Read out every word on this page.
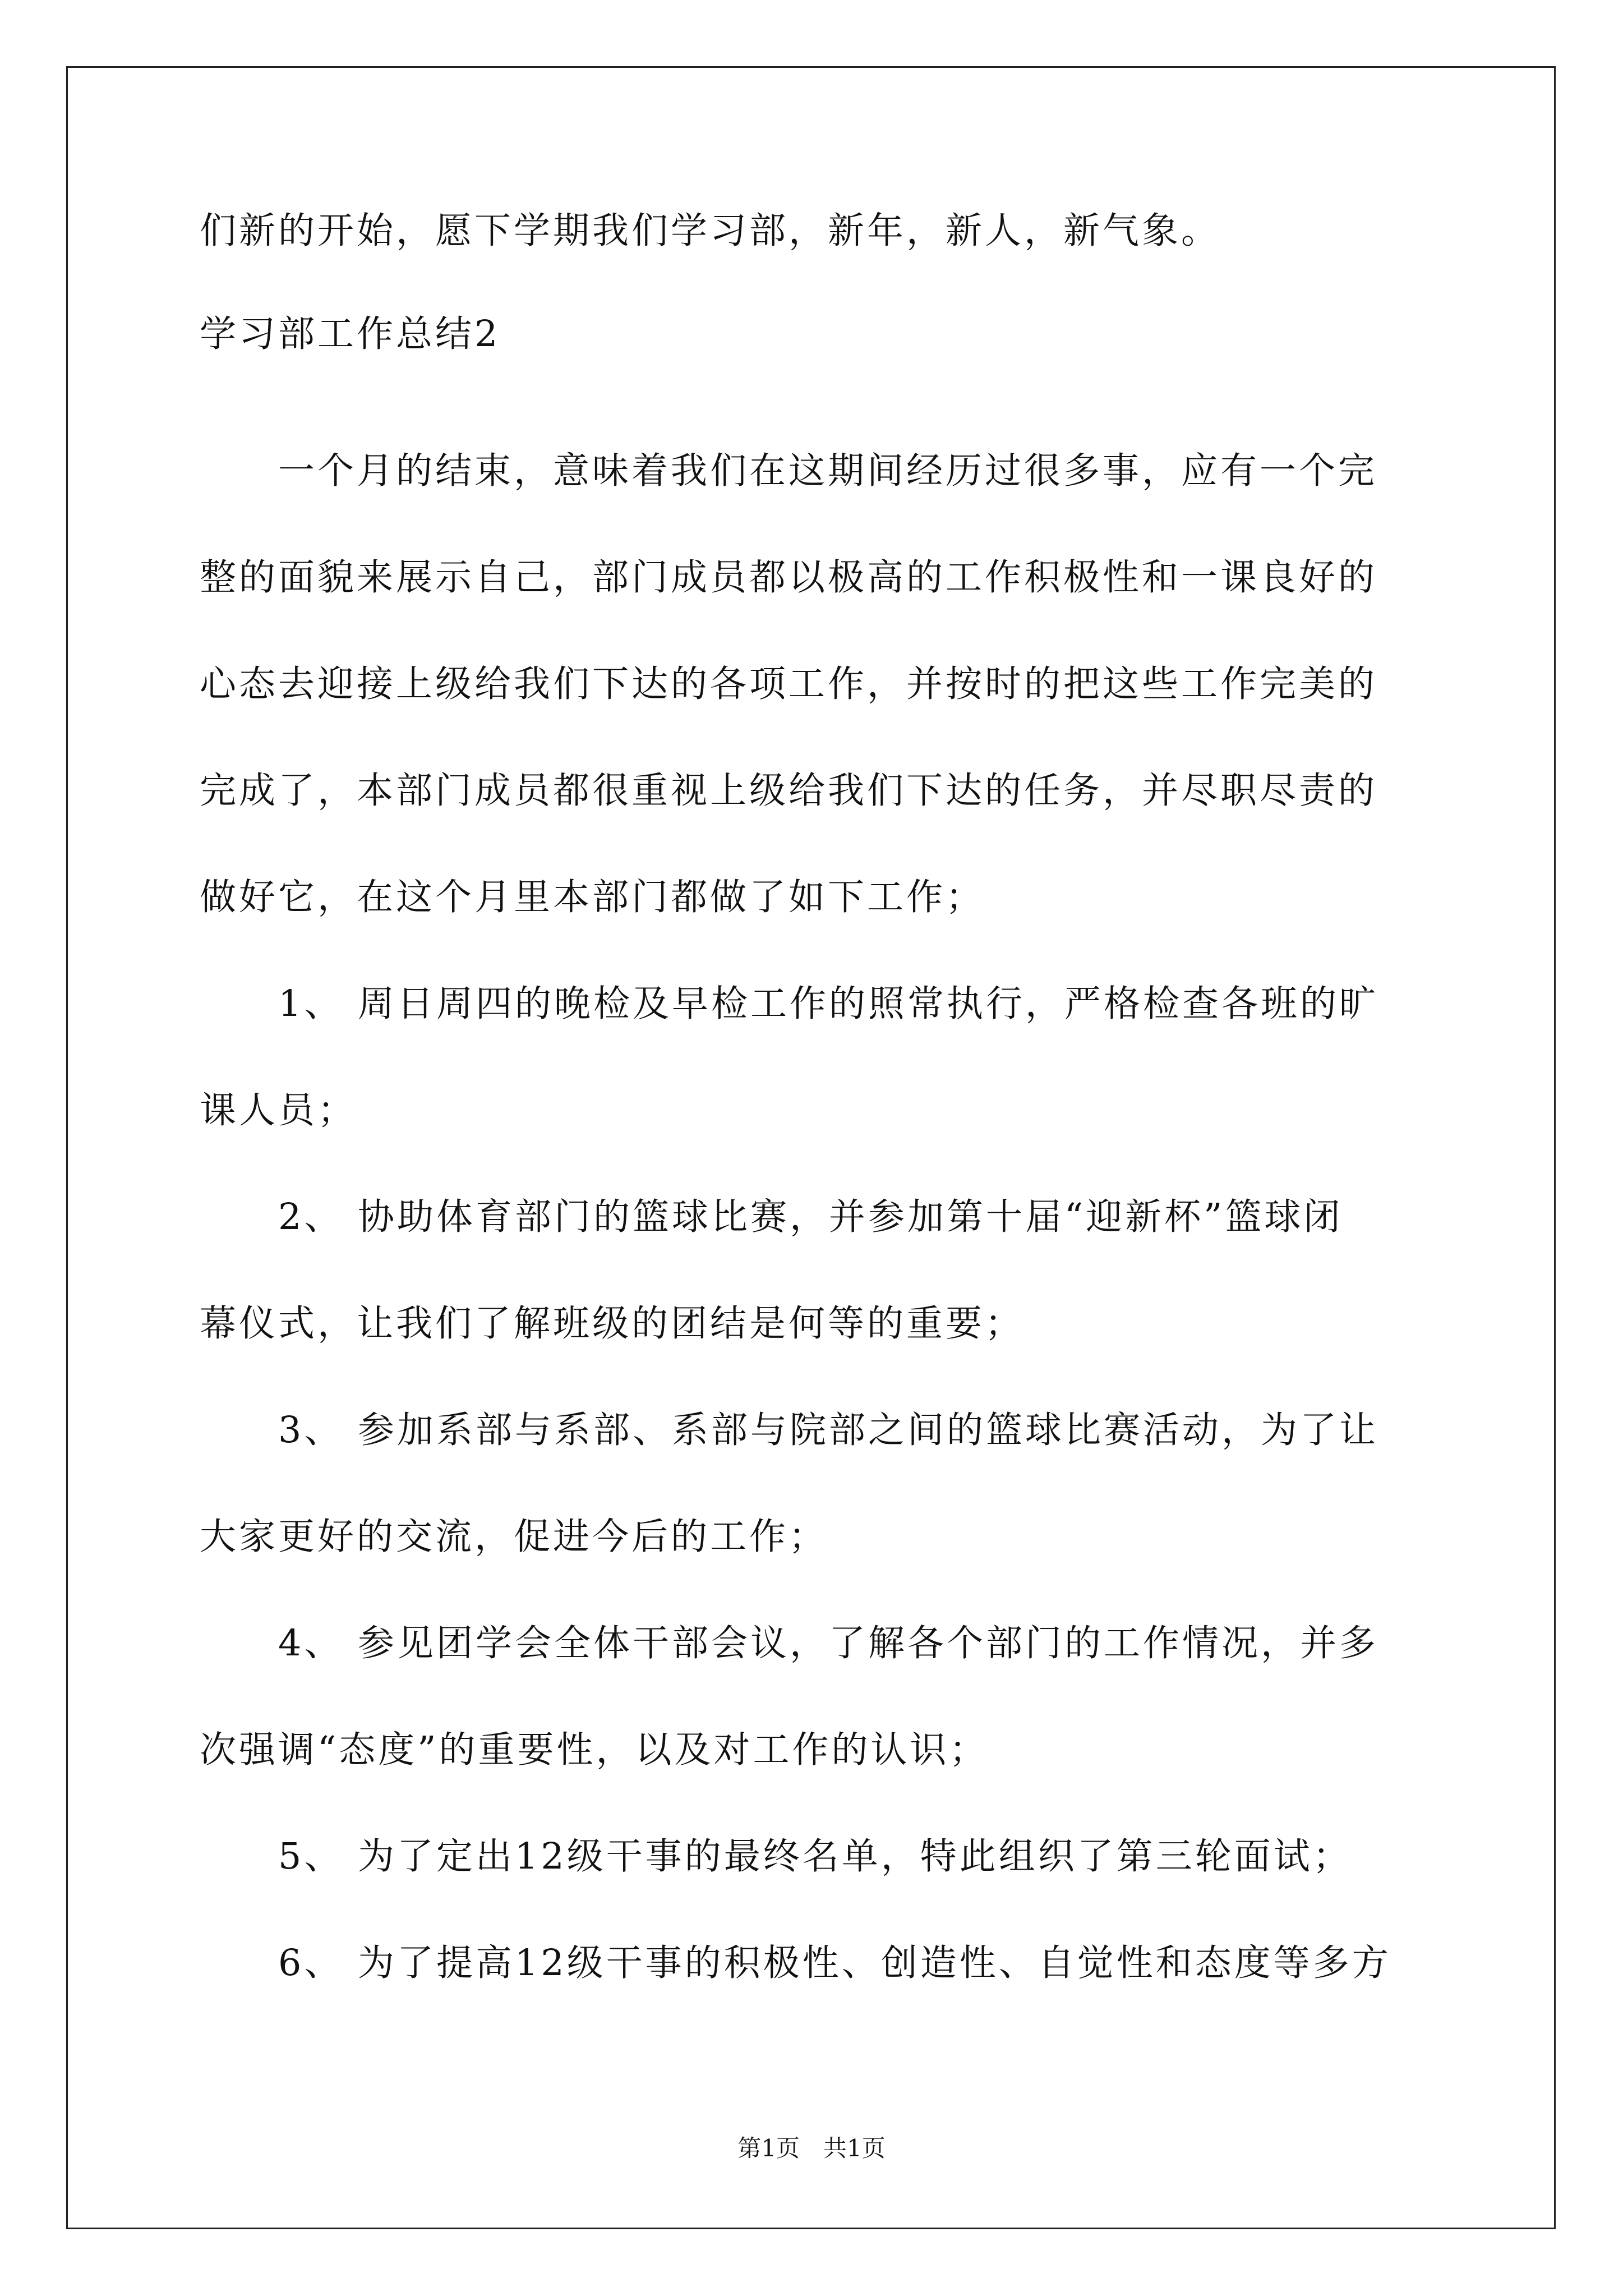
们新的开始，愿下学期我们学习部，新年，新人，新气象。
学习部工作总结2
　　一个月的结束，意味着我们在这期间经历过很多事，应有一个完
整的面貌来展示自己，部门成员都以极高的工作积极性和一课良好的
心态去迎接上级给我们下达的各项工作，并按时的把这些工作完美的
完成了，本部门成员都很重视上级给我们下达的任务，并尽职尽责的
做好它，在这个月里本部门都做了如下工作；
　　1、 周日周四的晚检及早检工作的照常执行，严格检查各班的旷
课人员；
　　2、 协助体育部门的篮球比赛，并参加第十届“迎新杯”篮球闭
幕仪式，让我们了解班级的团结是何等的重要；
　　3、 参加系部与系部、系部与院部之间的篮球比赛活动，为了让
大家更好的交流，促进今后的工作；
　　4、 参见团学会全体干部会议，了解各个部门的工作情况，并多
次强调“态度”的重要性，以及对工作的认识；
　　5、 为了定出12级干事的最终名单，特此组织了第三轮面试；
　　6、 为了提高12级干事的积极性、创造性、自觉性和态度等多方
第1页　共1页
